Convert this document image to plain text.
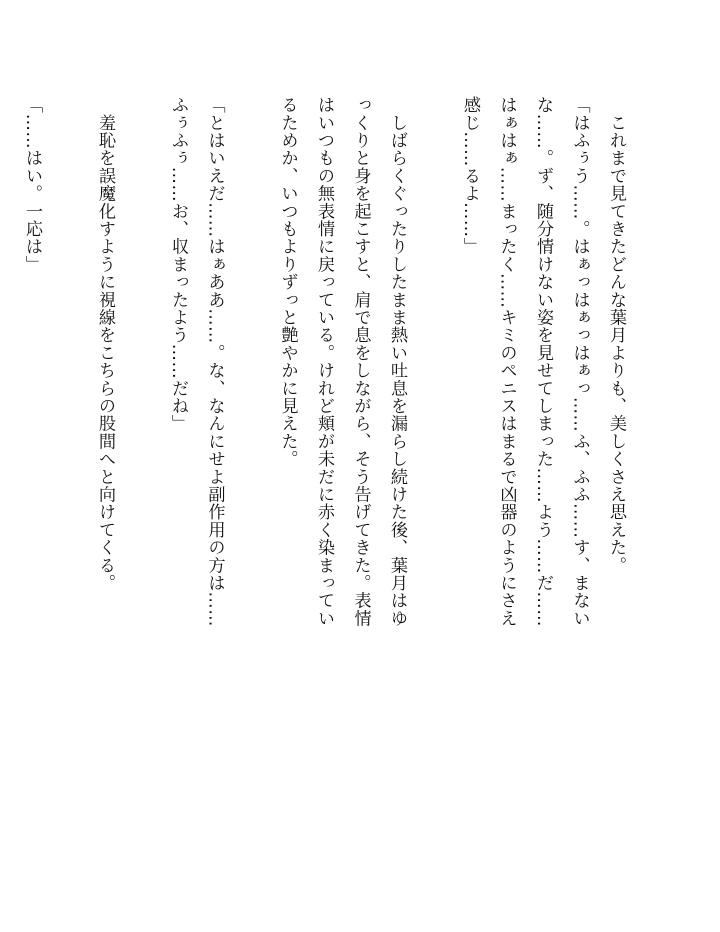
　これまで見てきたどんな葉月よりも、美しくさえ思えた。

「はふぅう……。はぁっはぁっはぁっ……ふ、ふふ……す、まないな……。ず、随分情けない姿を見せてしまった……よう……だ……はぁはぁ……まったく……キミのペニスはまるで凶器のようにさえ感じ……るよ……」

　しばらくぐったりしたまま熱い吐息を漏らし続けた後、葉月はゆっくりと身を起こすと、肩で息をしながら、そう告げてきた。表情はいつもの無表情に戻っている。けれど頬が未だに赤く染まっているためか、いつもよりずっと艶やかに見えた。

「とはいえだ……はぁああ……。な、なんにせよ副作用の方は……ふぅふぅ……お、収まったよう……だね」

　羞恥を誤魔化すように視線をこちらの股間へと向けてくる。

「……はい。一応は」
